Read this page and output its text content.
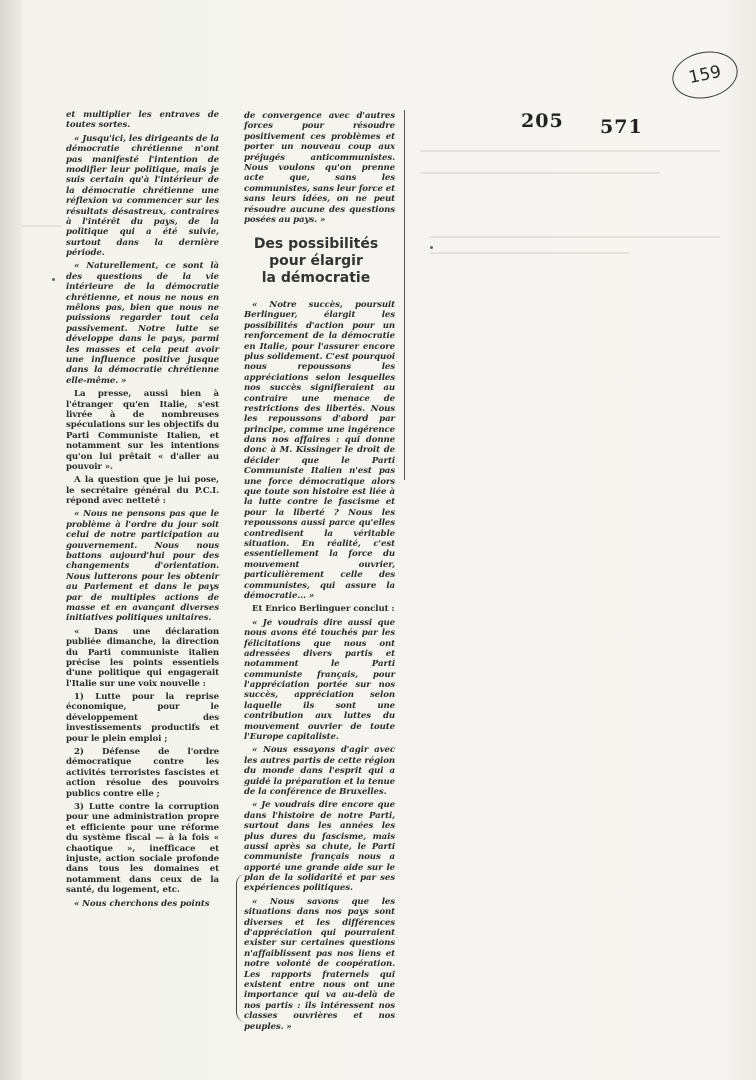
159
205 571

et multiplier les entraves de toutes sortes.

« Jusqu'ici, les dirigeants de la démocratie chrétienne n'ont pas manifesté l'intention de modifier leur politique, mais je suis certain qu'à l'intérieur de la démocratie chrétienne une réflexion va commencer sur les résultats désastreux, contraires à l'intérêt du pays, de la politique qui a été suivie, surtout dans la dernière période.

« Naturellement, ce sont là des questions de la vie intérieure de la démocratie chrétienne, et nous ne nous en mêlons pas, bien que nous ne puissions regarder tout cela passivement. Notre lutte se développe dans le pays, parmi les masses et cela peut avoir une influence positive jusque dans la démocratie chrétienne elle-même. »

La presse, aussi bien à l'étranger qu'en Italie, s'est livrée à de nombreuses spéculations sur les objectifs du Parti Communiste Italien, et notamment sur les intentions qu'on lui prêtait « d'aller au pouvoir ».

A la question que je lui pose, le secrétaire général du P.C.I. répond avec netteté :

« Nous ne pensons pas que le problème à l'ordre du jour soit celui de notre participation au gouvernement. Nous nous battons aujourd'hui pour des changements d'orientation. Nous lutterons pour les obtenir au Parlement et dans le pays par de multiples actions de masse et en avançant diverses initiatives politiques unitaires.

« Dans une déclaration publiée dimanche, la direction du Parti communiste italien précise les points essentiels d'une politique qui engagerait l'Italie sur une voix nouvelle :

1) Lutte pour la reprise économique, pour le développement des investissements productifs et pour le plein emploi ;

2) Défense de l'ordre démocratique contre les activités terroristes fascistes et action résolue des pouvoirs publics contre elle ;

3) Lutte contre la corruption pour une administration propre et efficiente pour une réforme du système fiscal — à la fois « chaotique », inefficace et injuste, action sociale profonde dans tous les domaines et notamment dans ceux de la santé, du logement, etc.

« Nous cherchons des points

de convergence avec d'autres forces pour résoudre positivement ces problèmes et porter un nouveau coup aux préjugés anticommunistes. Nous voulons qu'on prenne acte que, sans les communistes, sans leur force et sans leurs idées, on ne peut résoudre aucune des questions posées au pays. »

Des possibilités
pour élargir
la démocratie

« Notre succès, poursuit Berlinguer, élargit les possibilités d'action pour un renforcement de la démocratie en Italie, pour l'assurer encore plus solidement. C'est pourquoi nous repoussons les appréciations selon lesquelles nos succès signifieraient au contraire une menace de restrictions des libertés. Nous les repoussons d'abord par principe, comme une ingérence dans nos affaires : qui donne donc à M. Kissinger le droit de décider que le Parti Communiste Italien n'est pas une force démocratique alors que toute son histoire est liée à la lutte contre le fascisme et pour la liberté ? Nous les repoussons aussi parce qu'elles contredisent la véritable situation. En réalité, c'est essentiellement la force du mouvement ouvrier, particulièrement celle des communistes, qui assure la démocratie... »

Et Enrico Berlinguer conclut :

« Je voudrais dire aussi que nous avons été touchés par les félicitations que nous ont adressées divers partis et notamment le Parti communiste français, pour l'appréciation portée sur nos succès, appréciation selon laquelle ils sont une contribution aux luttes du mouvement ouvrier de toute l'Europe capitaliste.

« Nous essayons d'agir avec les autres partis de cette région du monde dans l'esprit qui a guidé la préparation et la tenue de la conférence de Bruxelles.

« Je voudrais dire encore que dans l'histoire de notre Parti, surtout dans les années les plus dures du fascisme, mais aussi après sa chute, le Parti communiste français nous a apporté une grande aide sur le plan de la solidarité et par ses expériences politiques.

« Nous savons que les situations dans nos pays sont diverses et les différences d'appréciation qui pourraient exister sur certaines questions n'affaiblissent pas nos liens et notre volonté de coopération. Les rapports fraternels qui existent entre nous ont une importance qui va au-delà de nos partis : ils intéressent nos classes ouvrières et nos peuples. »
